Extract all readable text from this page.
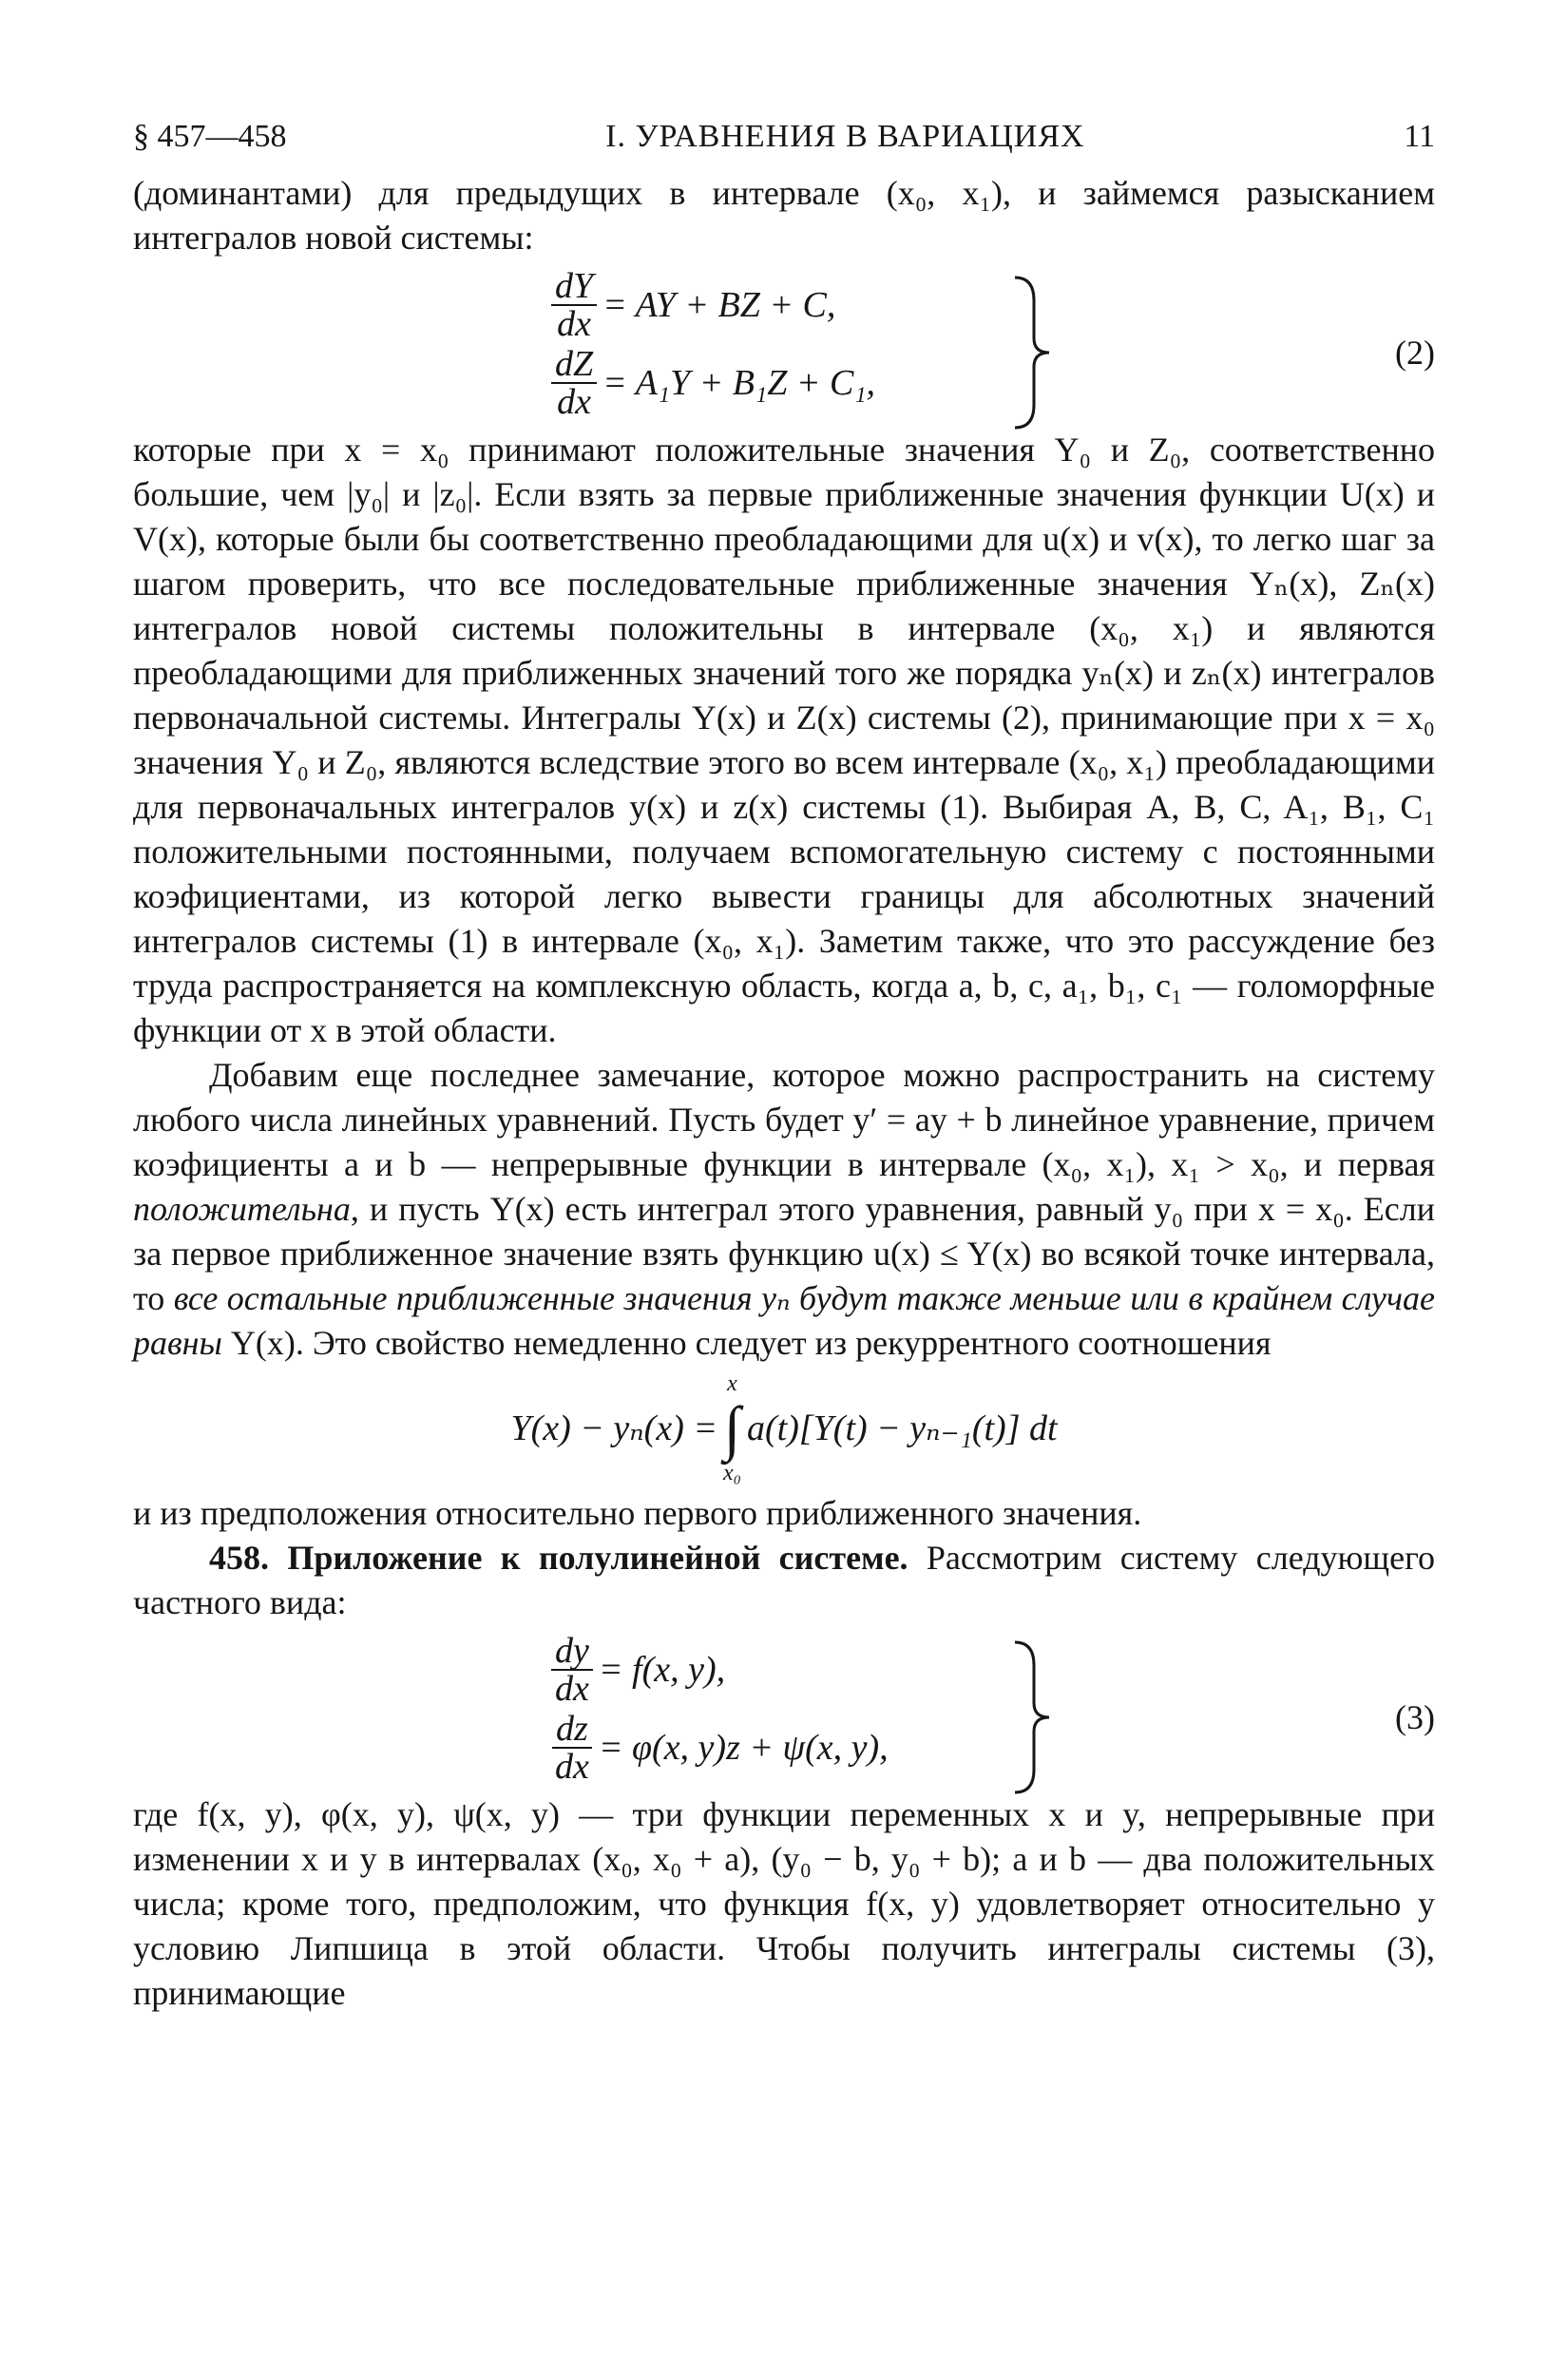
§ 457—458	I. УРАВНЕНИЯ В ВАРИАЦИЯХ	11

(доминантами) для предыдущих в интервале (x₀, x₁), и займемся разысканием интегралов новой системы:

$\frac{dY}{dx}$ = AY + BZ + C,
$\frac{dZ}{dx} = A_1Y + B_1Z + C_1$,
(2)

которые при x = x₀ принимают положительные значения Y₀ и Z₀, соответственно большие, чем |y₀| и |z₀|. Если взять за первые приближенные значения функции U(x) и V(x), которые были бы соответственно преобладающими для u(x) и v(x), то легко шаг за шагом проверить, что все последовательные приближенные значения Yₙ(x), Zₙ(x) интегралов новой системы положительны в интервале (x₀, x₁) и являются преобладающими для приближенных значений того же порядка yₙ(x) и zₙ(x) интегралов первоначальной системы. Интегралы Y(x) и Z(x) системы (2), принимающие при x = x₀ значения Y₀ и Z₀, являются вследствие этого во всем интервале (x₀, x₁) преобладающими для первоначальных интегралов y(x) и z(x) системы (1). Выбирая A, B, C, A₁, B₁, C₁ положительными постоянными, получаем вспомогательную систему с постоянными коэфициентами, из которой легко вывести границы для абсолютных значений интегралов системы (1) в интервале (x₀, x₁). Заметим также, что это рассуждение без труда распространяется на комплексную область, когда a, b, c, a₁, b₁, c₁ — голоморфные функции от x в этой области.

Добавим еще последнее замечание, которое можно распространить на систему любого числа линейных уравнений. Пусть будет y′ = ay + b линейное уравнение, причем коэфициенты a и b — непрерывные функции в интервале (x₀, x₁), x₁ > x₀, и первая положительна, и пусть Y(x) есть интеграл этого уравнения, равный y₀ при x = x₀. Если за первое приближенное значение взять функцию u(x) ≤ Y(x) во всякой точке интервала, то все остальные приближенные значения yₙ будут также меньше или в крайнем случае равны Y(x). Это свойство немедленно следует из рекуррентного соотношения

Y(x) − yₙ(x) =
x
∫
x₀
a(t)[Y(t) − yₙ₋₁(t)] dt

и из предположения относительно первого приближенного значения.

458. Приложение к полулинейной системе. Рассмотрим систему следующего частного вида:

$\frac{dy}{dx} = f(x$, y),
$\frac{dz}{dx} = \varphi(x$, y)z + ψ(x, y),
(3)

где f(x, y), φ(x, y), ψ(x, y) — три функции переменных x и y, непрерывные при изменении x и y в интервалах (x₀, x₀ + a), (y₀ − b, y₀ + b); a и b — два положительных числа; кроме того, предположим, что функция f(x, y) удовлетворяет относительно y условию Липшица в этой области. Чтобы получить интегралы системы (3), принимающие
